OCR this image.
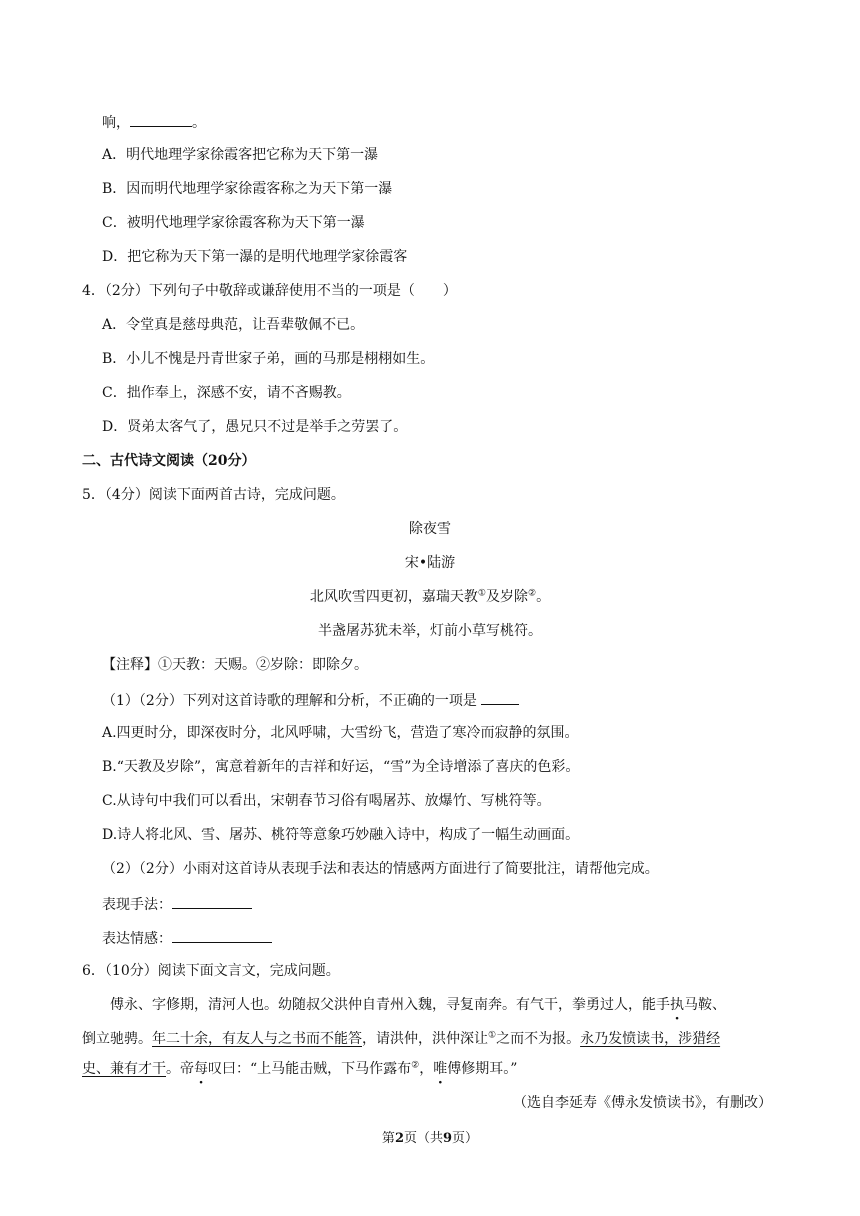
响，	。
A．明代地理学家徐霞客把它称为天下第一瀑
B．因而明代地理学家徐霞客称之为天下第一瀑
C．被明代地理学家徐霞客称为天下第一瀑
D．把它称为天下第一瀑的是明代地理学家徐霞客
4．（2分）下列句子中敬辞或谦辞使用不当的一项是（　　）
A．令堂真是慈母典范，让吾辈敬佩不已。
B．小儿不愧是丹青世家子弟，画的马那是栩栩如生。
C．拙作奉上，深感不安，请不吝赐教。
D．贤弟太客气了，愚兄只不过是举手之劳罢了。
二、古代诗文阅读（20分）
5．（4分）阅读下面两首古诗，完成问题。
除夜雪
宋•陆游
北风吹雪四更初，嘉瑞天教①及岁除②。
半盏屠苏犹未举，灯前小草写桃符。
【注释】①天教：天赐。②岁除：即除夕。
（1）（2分）下列对这首诗歌的理解和分析，不正确的一项是
A.四更时分，即深夜时分，北风呼啸，大雪纷飞，营造了寒冷而寂静的氛围。
B.“天教及岁除”，寓意着新年的吉祥和好运，“雪”为全诗增添了喜庆的色彩。
C.从诗句中我们可以看出，宋朝春节习俗有喝屠苏、放爆竹、写桃符等。
D.诗人将北风、雪、屠苏、桃符等意象巧妙融入诗中，构成了一幅生动画面。
（2）（2分）小雨对这首诗从表现手法和表达的情感两方面进行了简要批注，请帮他完成。
表现手法：
表达情感：
6．（10分）阅读下面文言文，完成问题。
傅永、字修期，清河人也。幼随叔父洪仲自青州入魏，寻复南奔。有气干，拳勇过人，能手执马鞍、
倒立驰骋。年二十余，有友人与之书而不能答，请洪仲，洪仲深让①之而不为报。永乃发愤读书，涉猎经
史、兼有才干。帝每叹曰：“上马能击贼，下马作露布②，唯傅修期耳。”
（选自李延寿《傅永发愤读书》，有删改）
第2页（共9页）
